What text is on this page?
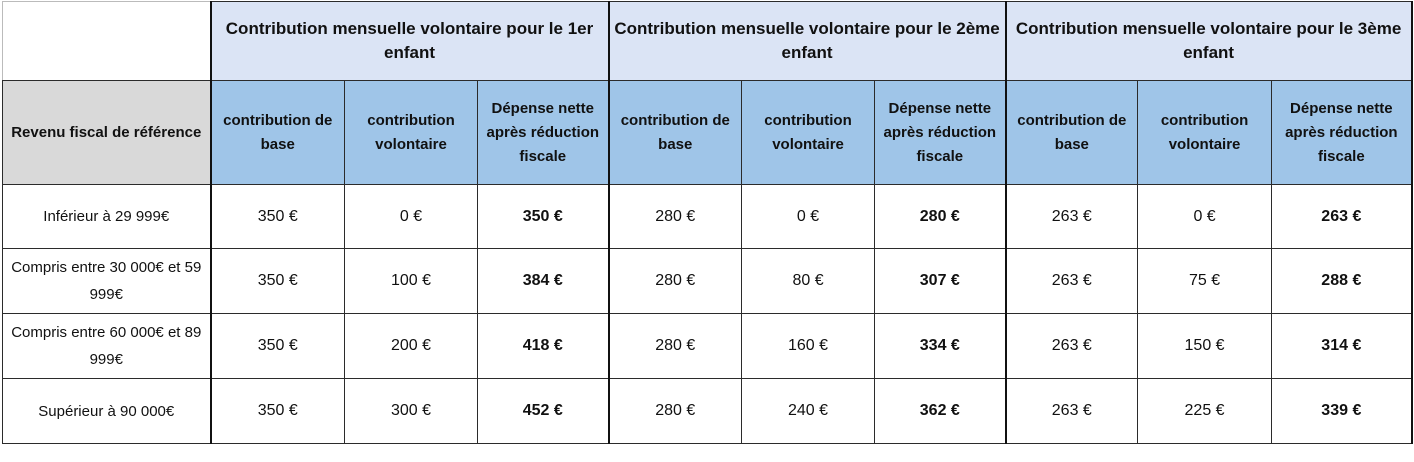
	Contribution mensuelle volontaire pour le 1er enfant			Contribution mensuelle volontaire pour le 2ème enfant			Contribution mensuelle volontaire pour le 3ème enfant		
Revenu fiscal de référence	contribution de base	contribution volontaire	Dépense nette après réduction fiscale	contribution de base	contribution volontaire	Dépense nette après réduction fiscale	contribution de base	contribution volontaire	Dépense nette après réduction fiscale
Inférieur à 29 999€	350 €	0 €	350 €	280 €	0 €	280 €	263 €	0 €	263 €
Compris entre 30 000€ et 59 999€	350 €	100 €	384 €	280 €	80 €	307 €	263 €	75 €	288 €
Compris entre 60 000€ et 89 999€	350 €	200 €	418 €	280 €	160 €	334 €	263 €	150 €	314 €
Supérieur à 90 000€	350 €	300 €	452 €	280 €	240 €	362 €	263 €	225 €	339 €
